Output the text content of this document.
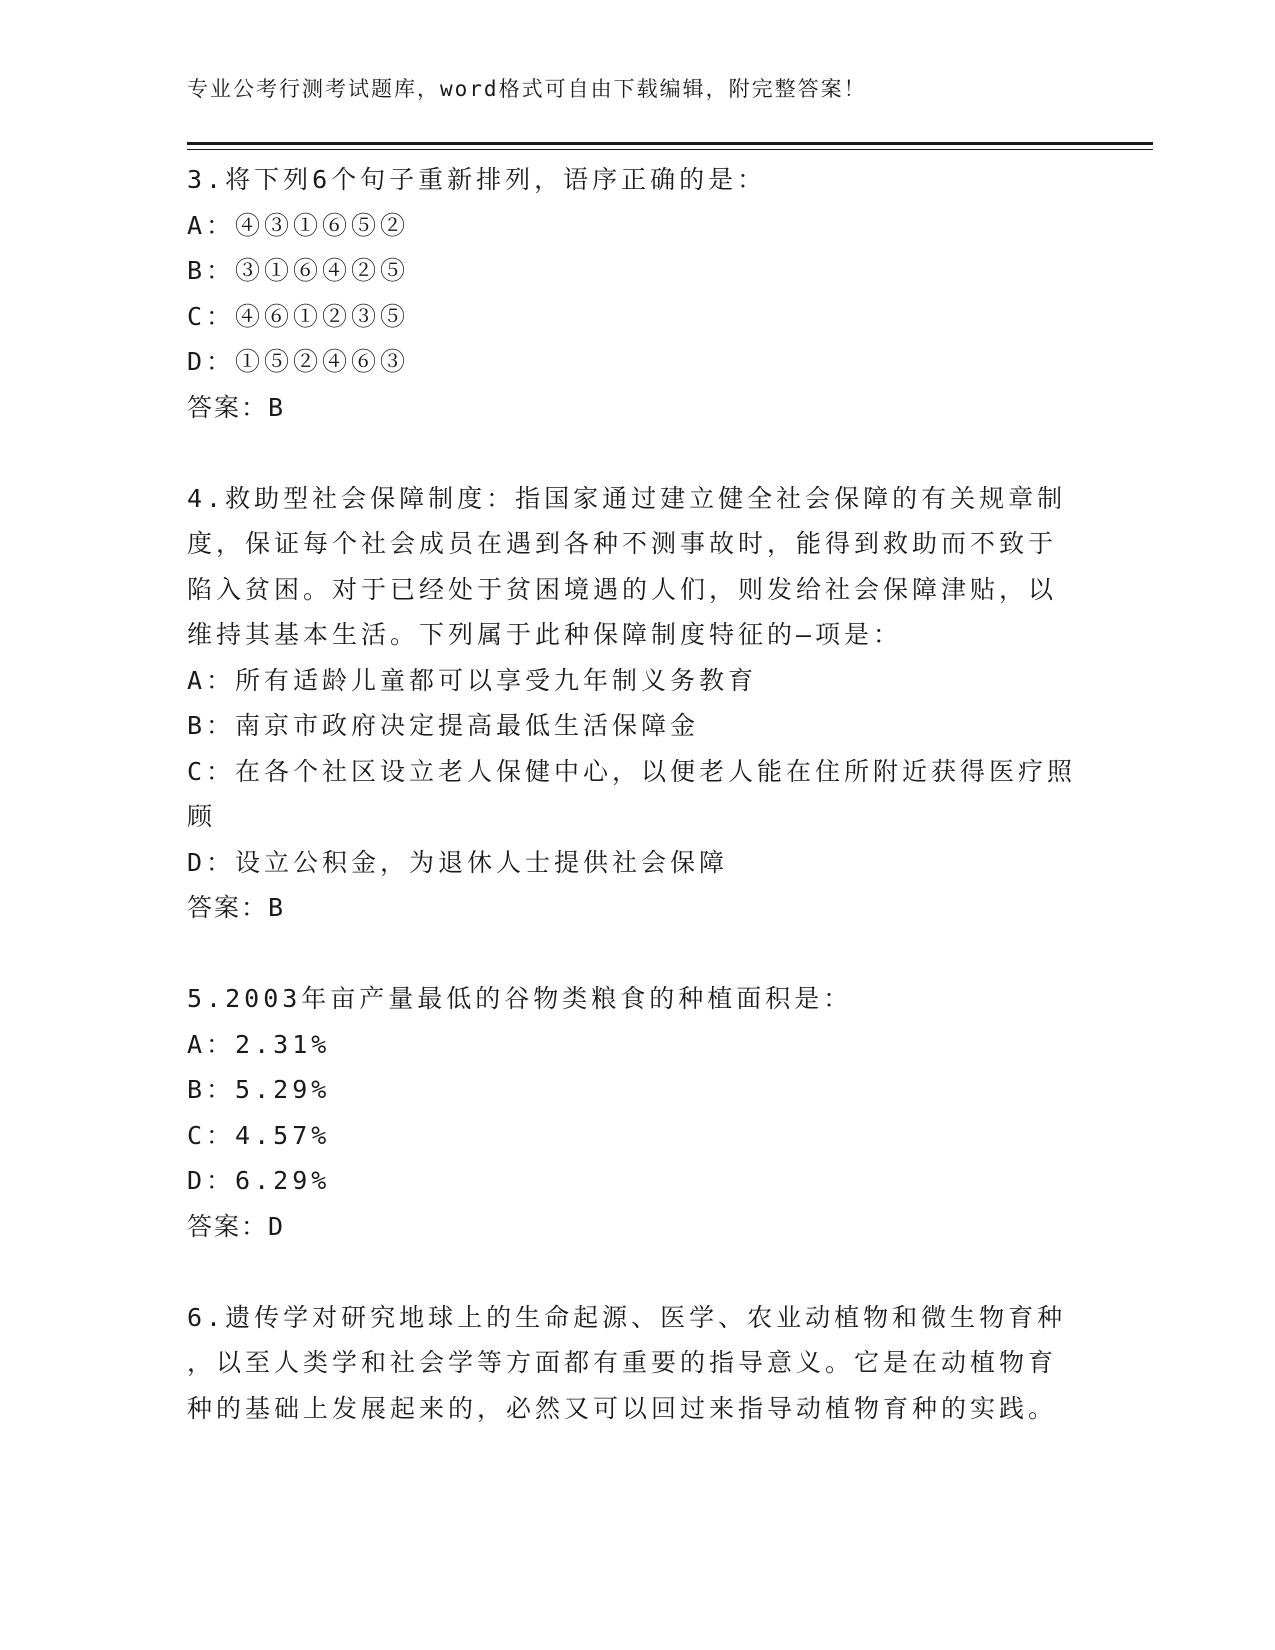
专业公考行测考试题库，word格式可自由下载编辑，附完整答案！
3.将下列6个句子重新排列，语序正确的是：
A：④③①⑥⑤②
B：③①⑥④②⑤
C：④⑥①②③⑤
D：①⑤②④⑥③
答案：B
4.救助型社会保障制度：指国家通过建立健全社会保障的有关规章制
度，保证每个社会成员在遇到各种不测事故时，能得到救助而不致于
陷入贫困。对于已经处于贫困境遇的人们，则发给社会保障津贴，以
维持其基本生活。下列属于此种保障制度特征的—项是：
A：所有适龄儿童都可以享受九年制义务教育
B：南京市政府决定提高最低生活保障金
C：在各个社区设立老人保健中心，以便老人能在住所附近获得医疗照
顾
D：设立公积金，为退休人士提供社会保障
答案：B
5.2003年亩产量最低的谷物类粮食的种植面积是：
A：2.31%
B：5.29%
C：4.57%
D：6.29%
答案：D
6.遗传学对研究地球上的生命起源、医学、农业动植物和微生物育种
，以至人类学和社会学等方面都有重要的指导意义。它是在动植物育
种的基础上发展起来的，必然又可以回过来指导动植物育种的实践。
